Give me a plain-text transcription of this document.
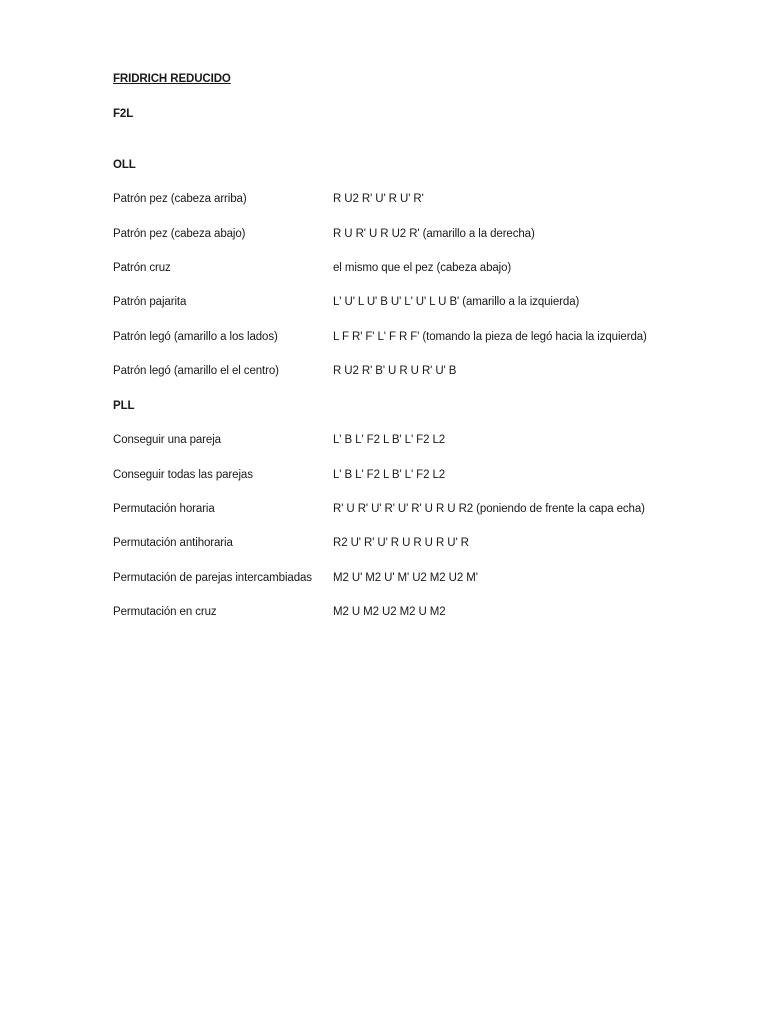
FRIDRICH REDUCIDO
F2L
OLL
Patrón pez (cabeza arriba)	R U2 R' U' R U' R'
Patrón pez (cabeza abajo)	R U R' U R U2 R' (amarillo a la derecha)
Patrón cruz	el mismo que el pez (cabeza abajo)
Patrón pajarita	L' U' L U' B U' L' U' L U B' (amarillo a la izquierda)
Patrón legó (amarillo a los lados)	L F R' F' L' F R F' (tomando la pieza de legó hacia la izquierda)
Patrón legó (amarillo el el centro)	R U2 R' B' U R U R' U' B
PLL
Conseguir una pareja	L' B L' F2 L B' L' F2 L2
Conseguir todas las parejas	L' B L' F2 L B' L' F2 L2
Permutación horaria	R' U R' U' R' U' R' U R U R2 (poniendo de frente la capa echa)
Permutación antihoraria	R2 U' R' U' R U R U R U' R
Permutación de parejas intercambiadas M2 U' M2 U' M' U2 M2 U2 M'
Permutación en cruz	M2 U M2 U2 M2 U M2
